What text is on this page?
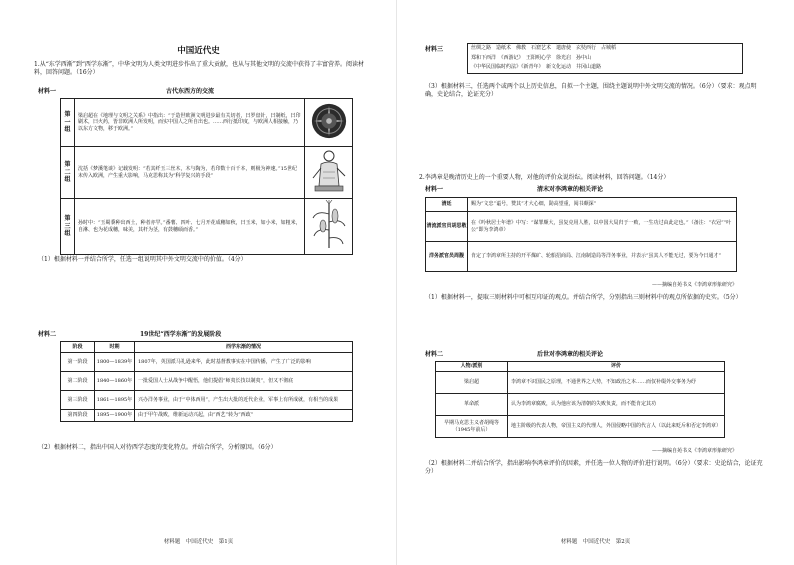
中国近代史
1.从“东学西渐”到“西学东渐”，中华文明为人类文明进步作出了重大贡献，也从与其他文明的交流中获得了丰富营养。阅读材料，回答问题。（16分）
材料一	古代东西方的交流
第一组	梁启超在《地理与文明之关系》中指出：“于造世欧洲文明进步最有关切者，曰罗盘针，曰制纸，曰印刷术，曰火药，皆非欧洲人所发明，而实中国人之所自出也。……西行抵印度，与欧洲人相接触，乃以东方文物，移于欧洲。”	
第二组	沈括《梦溪笔谈》记载发明：“若其纤玉三丝木，木与陶为，若印数十百千本，则极为神速。”15世纪末传入欧洲，产生重大影响，马克思称其为“科学复兴的手段”	
第三组	孙时中：“玉蜀黍种出西土，种者亦罕。”番薯、四叶、七月开花成穗如秋，曰玉米，如小米，如粗米，自淋、也为花成穗，味美，其杆为茎，有鼓穗硕而香。”	
（1）根据材料一并结合所学，任选一组说明其中外文明交流中的价值。（4分）
材料二	19世纪“西学东渐”的发展阶段
阶段	时期	西学东渐的情况
第一阶段	1800—1839年	1807年，英国派马礼逊来华，此时基督教事实在中国传播，产生了广泛的影响
第二阶段	1840—1860年	一批爱国人士从战争中醒悟，他们提倡“师夷长技以制夷”，但又不彻底
第三阶段	1861—1895年	兴办洋务事业，由于“中体西用”，产生出大批的近代企业，军事上有所成就，有相当的成果
第四阶段	1895—1900年	由于甲午战败，维新运动兴起，由“西艺”转为“西政”
（2）根据材料二，指出中国人对待西学态度的变化特点。并结合所学，分析原因。（6分）
材料题　中国近代史　第1页
材料三	丝绸之路　造纸术　佛教　石窟艺术　遣唐使　玄奘西行　占城稻
郑和下西洋　《西游记》　王阳明心学　徐光启　孙中山
《中华民国临时约法》《新青年》　新文化运动　井冈山道路
（3）根据材料三，任选两个或两个以上历史信息，自拟一个主题，围绕主题说明中外文明交流的情况。（6分）（要求：观点明确，史论结合，论证充分）
2.李鸿章是晚清历史上的一个重要人物，对他的评价众说纷纭。阅读材料，回答问题。（14分）
材料一	清末对李鸿章的相关评论
清廷	赐为“文忠”谥号，赞其“才大心细，勋高望重，阅书颇深”
清流派官员胡思敬	在《吟秋居士年谱》中写：“谋罪颇大，虽复克用人胜，以中国大局归于一败，一生功过由此定也。”（备注：“衣冠”“叶公”即为李鸿章）
洋务派官员周馥	肯定了李鸿章所主持的开平煤矿、轮船招商局、江南制造局等洋务事业，并表示“虽其人不能无过，要为今日通才”
——摘编自苑书义《李鸿章形象研究》
（1）根据材料一，提取三则材料中可相互印证的观点。并结合所学，分别指出三则材料中的观点所依据的史实。（5分）
材料二	后世对李鸿章的相关评论
人物/派别	评价
梁启超	李鸿章不识国民之原理，不通世界之大势，不知政治之本……而仅补缀外交事务为纾
革命派	认为李鸿章腐败，认为他应该为清朝的失败负责，而不能肯定其功
早期马克思主义者胡绳等（1945年前后）	地主阶级的代表人物，帝国主义的代理人，外国侵略中国的代言人（以此来贬斥和否定李鸿章）
——摘编自苑书义《李鸿章形象研究》
（2）根据材料二并结合所学，指出影响李鸿章评价的因素，并任选一位人物的评价进行说明。（6分）（要求：史论结合，论证充分）
材料题　中国近代史　第2页
